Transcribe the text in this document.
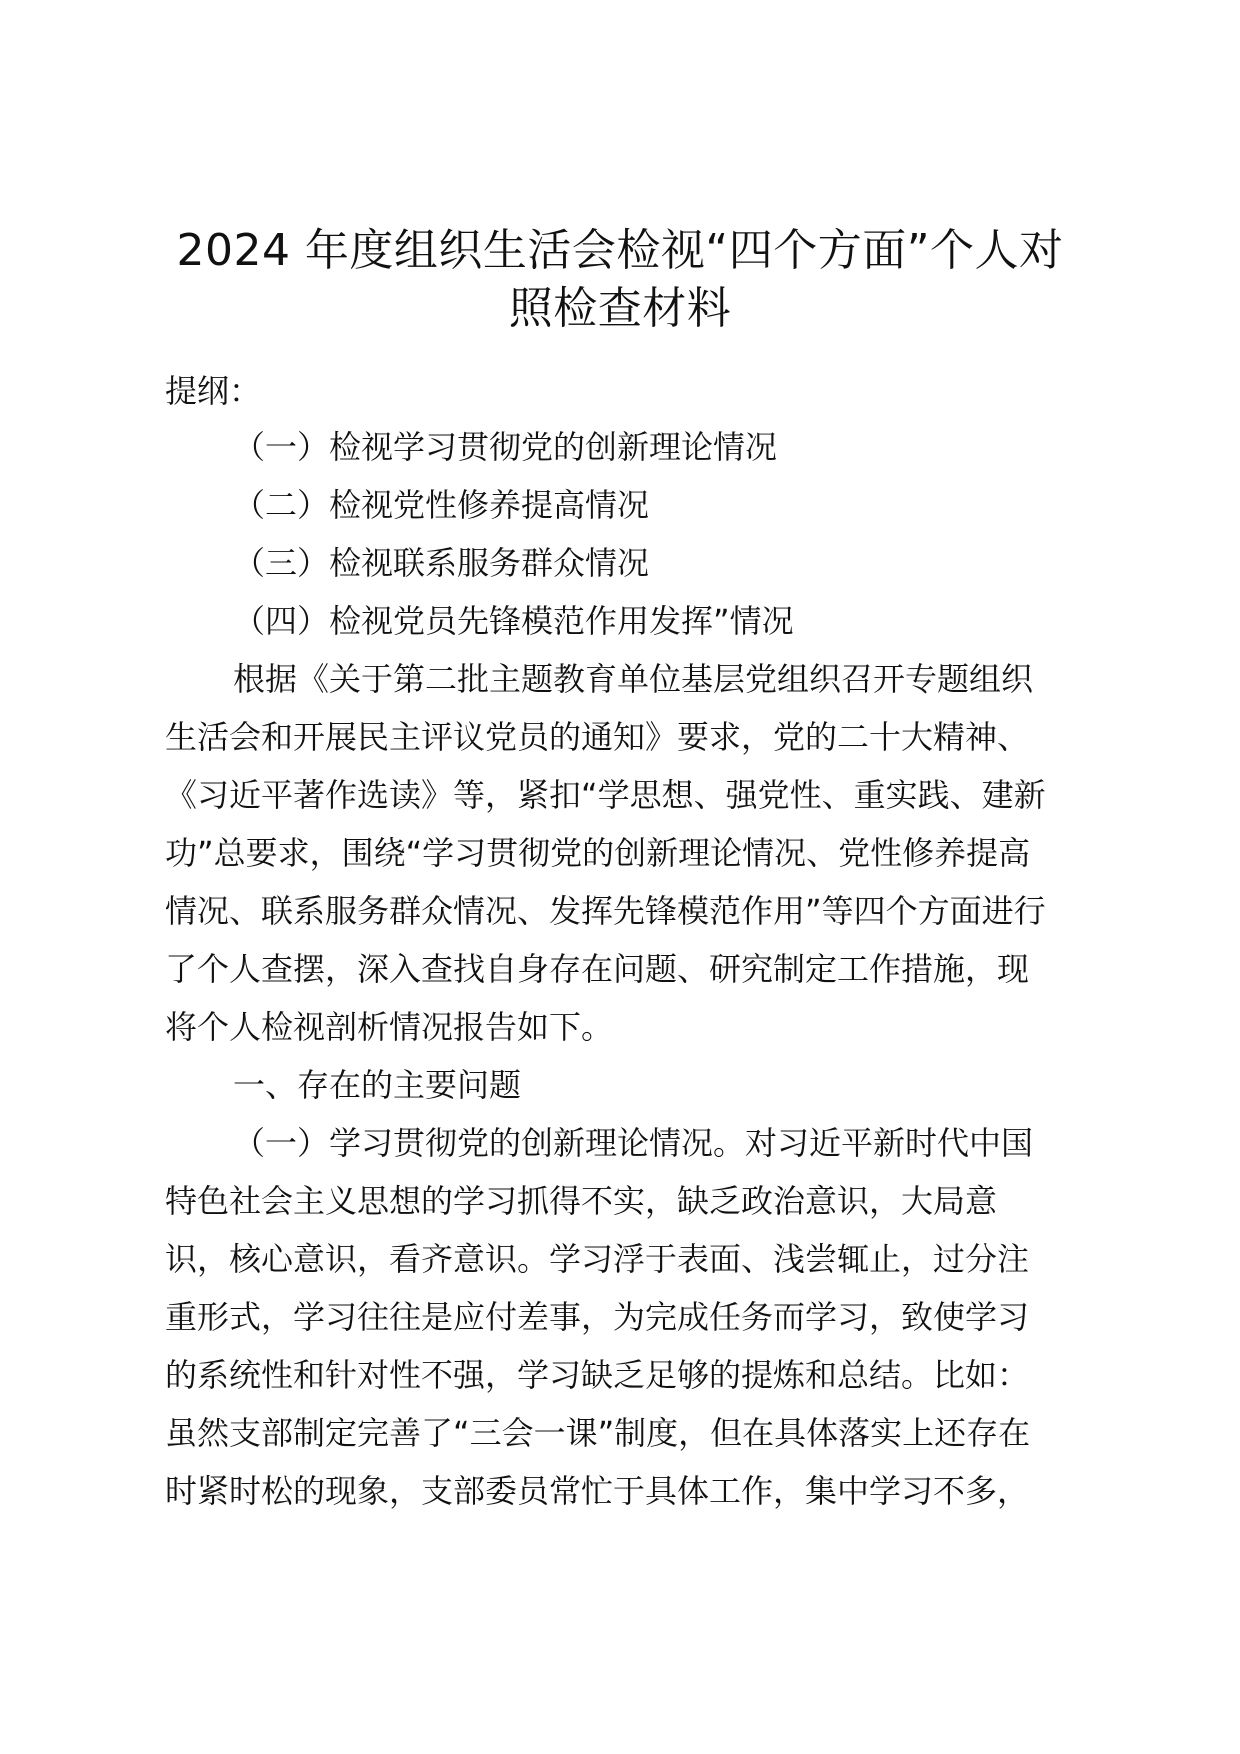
2024 年度组织生活会检视“四个方面”个人对
照检查材料

提纲：

（一）检视学习贯彻党的创新理论情况
（二）检视党性修养提高情况
（三）检视联系服务群众情况
（四）检视党员先锋模范作用发挥”情况

根据《关于第二批主题教育单位基层党组织召开专题组织
生活会和开展民主评议党员的通知》要求，党的二十大精神、
《习近平著作选读》等，紧扣“学思想、强党性、重实践、建新
功”总要求，围绕“学习贯彻党的创新理论情况、党性修养提高
情况、联系服务群众情况、发挥先锋模范作用”等四个方面进行
了个人查摆，深入查找自身存在问题、研究制定工作措施，现
将个人检视剖析情况报告如下。

一、存在的主要问题

（一）学习贯彻党的创新理论情况。对习近平新时代中国
特色社会主义思想的学习抓得不实，缺乏政治意识，大局意
识，核心意识，看齐意识。学习浮于表面、浅尝辄止，过分注
重形式，学习往往是应付差事，为完成任务而学习，致使学习
的系统性和针对性不强，学习缺乏足够的提炼和总结。比如：
虽然支部制定完善了“三会一课”制度，但在具体落实上还存在
时紧时松的现象，支部委员常忙于具体工作，集中学习不多，
